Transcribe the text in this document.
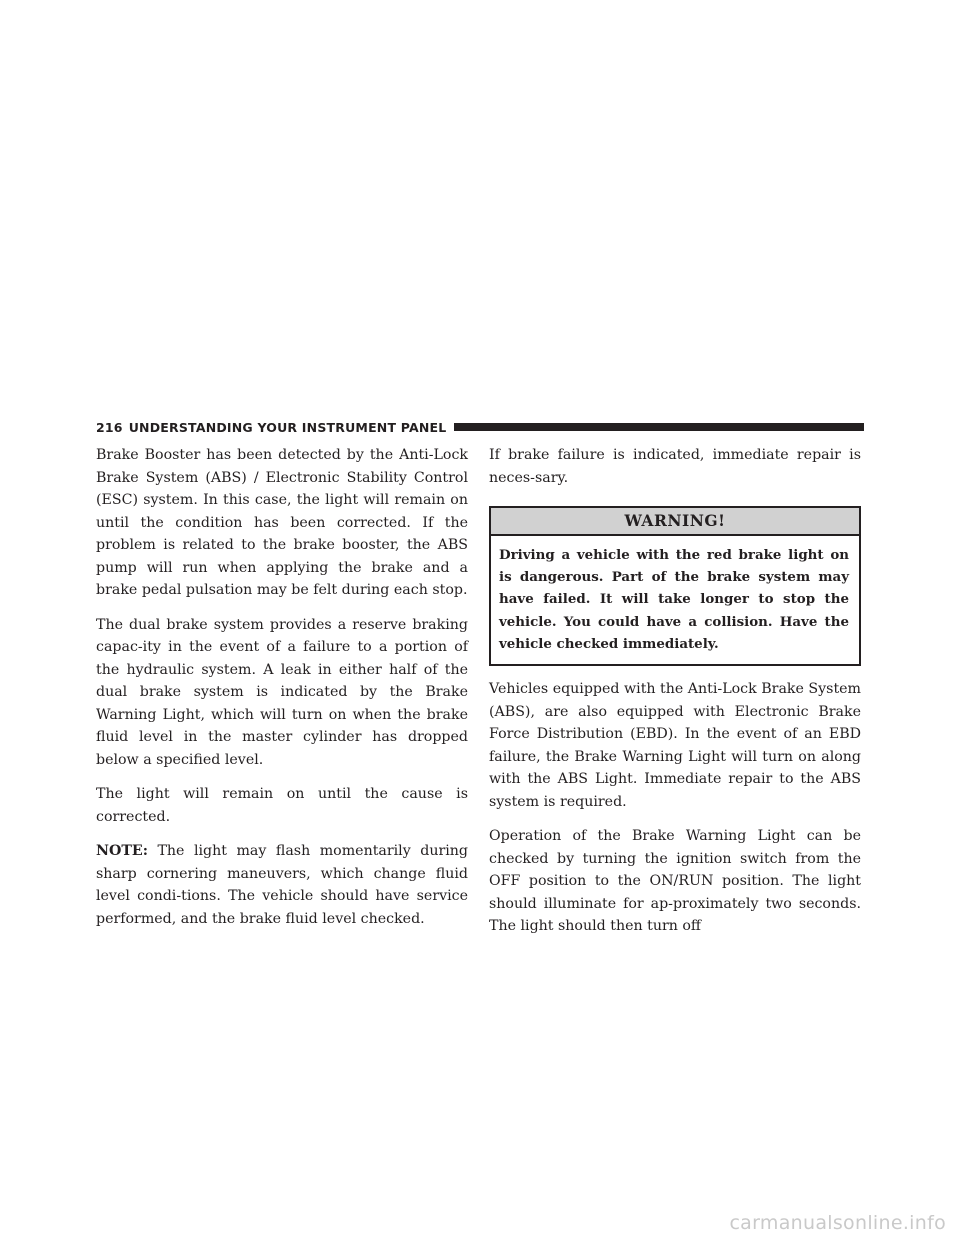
216 UNDERSTANDING YOUR INSTRUMENT PANEL

Brake Booster has been detected by the Anti-Lock Brake System (ABS) / Electronic Stability Control (ESC) system. In this case, the light will remain on until the condition has been corrected. If the problem is related to the brake booster, the ABS pump will run when applying the brake and a brake pedal pulsation may be felt during each stop.

The dual brake system provides a reserve braking capac-ity in the event of a failure to a portion of the hydraulic system. A leak in either half of the dual brake system is indicated by the Brake Warning Light, which will turn on when the brake fluid level in the master cylinder has dropped below a specified level.

The light will remain on until the cause is corrected.

NOTE: The light may flash momentarily during sharp cornering maneuvers, which change fluid level condi-tions. The vehicle should have service performed, and the brake fluid level checked.

If brake failure is indicated, immediate repair is neces-sary.

WARNING!
Driving a vehicle with the red brake light on is dangerous. Part of the brake system may have failed. It will take longer to stop the vehicle. You could have a collision. Have the vehicle checked immediately.

Vehicles equipped with the Anti-Lock Brake System (ABS), are also equipped with Electronic Brake Force Distribution (EBD). In the event of an EBD failure, the Brake Warning Light will turn on along with the ABS Light. Immediate repair to the ABS system is required.

Operation of the Brake Warning Light can be checked by turning the ignition switch from the OFF position to the ON/RUN position. The light should illuminate for ap-proximately two seconds. The light should then turn off

carmanualsonline.info
